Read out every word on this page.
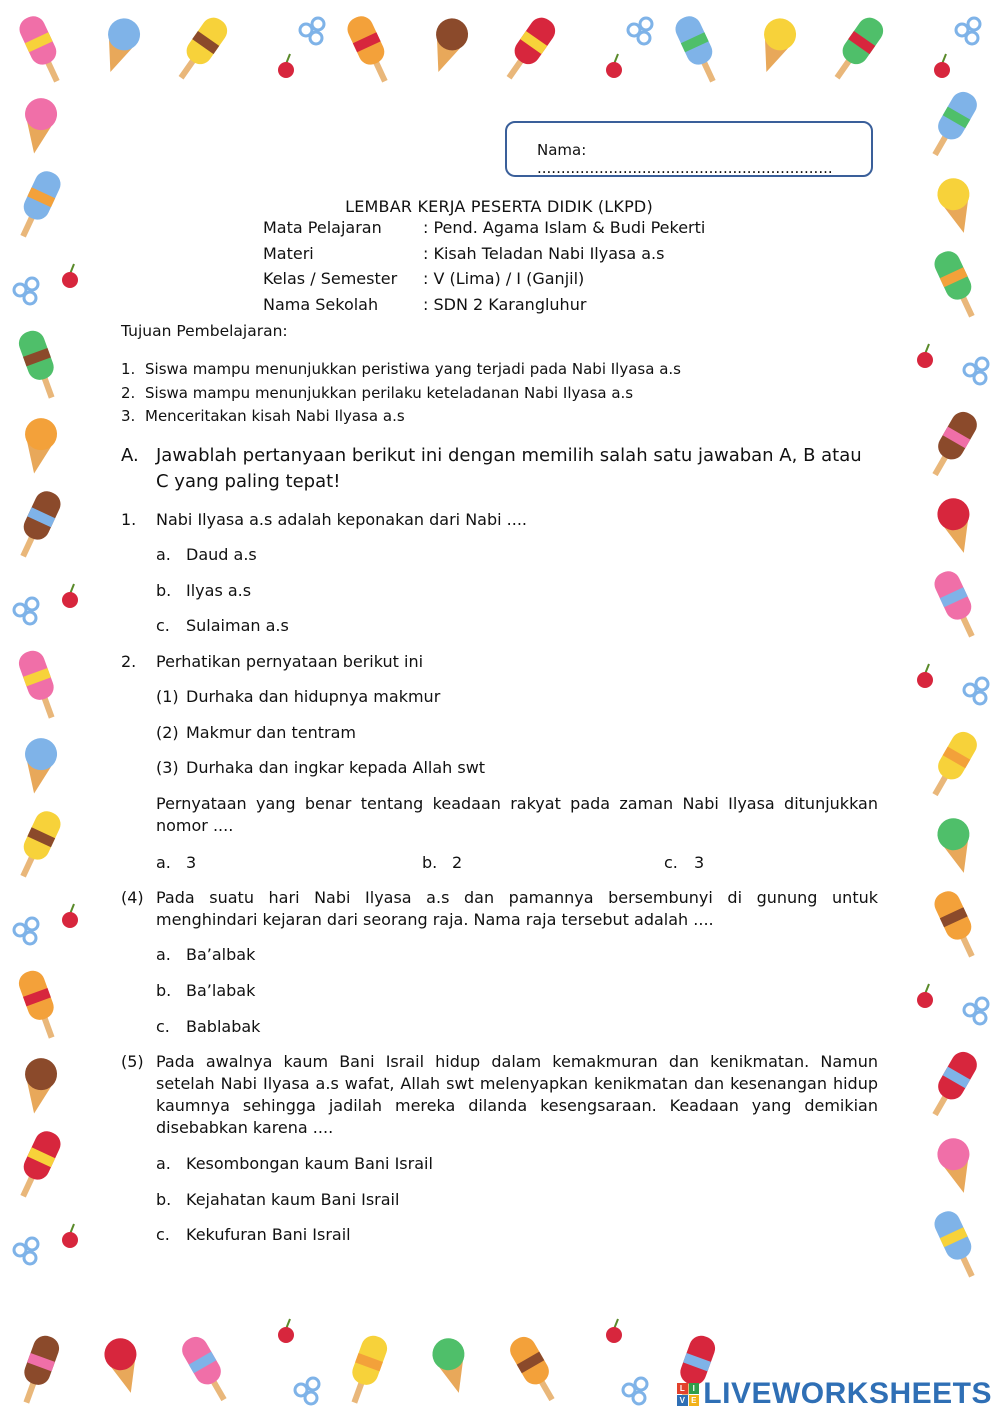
Nama: ..............................................................
LEMBAR KERJA PESERTA DIDIK (LKPD)
Mata Pelajaran	: Pend. Agama Islam & Budi Pekerti
Materi	: Kisah Teladan Nabi Ilyasa a.s
Kelas / Semester	: V (Lima) / I (Ganjil)
Nama Sekolah	: SDN 2 Karangluhur
Tujuan Pembelajaran:
1. Siswa mampu menunjukkan peristiwa yang terjadi pada Nabi Ilyasa a.s
2. Siswa mampu menunjukkan perilaku keteladanan Nabi Ilyasa a.s
3. Menceritakan kisah Nabi Ilyasa a.s
A. Jawablah pertanyaan berikut ini dengan memilih salah satu jawaban A, B atau C yang paling tepat!
1.	Nabi Ilyasa a.s adalah keponakan dari Nabi ....
a. Daud a.s
b. Ilyas a.s
c.	Sulaiman a.s
2.	Perhatikan pernyataan berikut ini
(1) Durhaka dan hidupnya makmur
(2) Makmur dan tentram
(3) Durhaka dan ingkar kepada Allah swt
Pernyataan yang benar tentang keadaan rakyat pada zaman Nabi Ilyasa ditunjukkan nomor ....
a. 3	b. 2	c.	3
(4) Pada suatu hari Nabi Ilyasa a.s dan pamannya bersembunyi di gunung untuk menghindari kejaran dari seorang raja. Nama raja tersebut adalah ....
a. Ba’albak
b. Ba’labak
c.	Bablabak
(5) Pada awalnya kaum Bani Israil hidup dalam kemakmuran dan kenikmatan. Namun setelah Nabi Ilyasa a.s wafat, Allah swt melenyapkan kenikmatan dan kesenangan hidup kaumnya sehingga jadilah mereka dilanda kesengsaraan. Keadaan yang demikian disebabkan karena ....
a. Kesombongan kaum Bani Israil
b. Kejahatan kaum Bani Israil
c.	Kekufuran Bani Israil
L I
V E LIVEWORKSHEETS
